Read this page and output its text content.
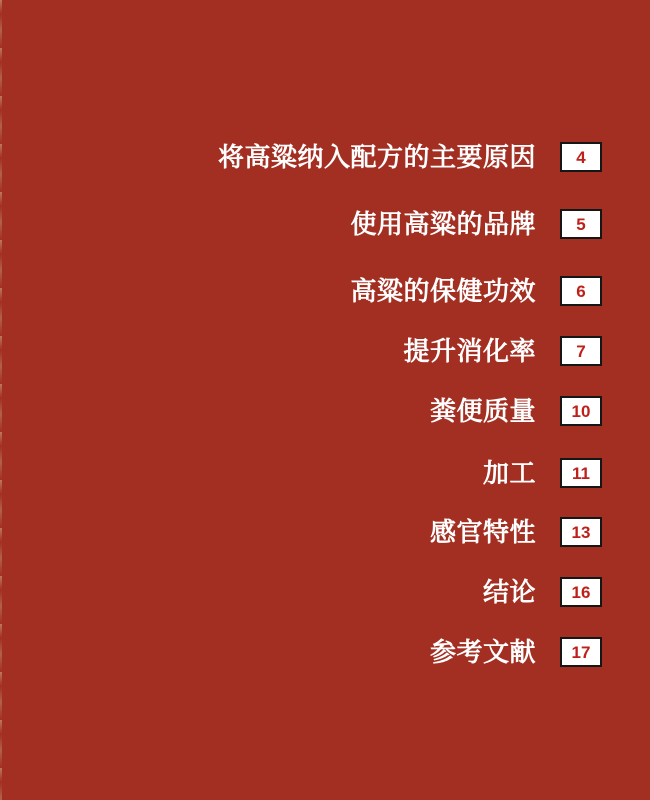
将高粱纳入配方的主要原因 4
使用高粱的品牌 5
高粱的保健功效 6
提升消化率 7
粪便质量 10
加工 11
感官特性 13
结论 16
参考文献 17
